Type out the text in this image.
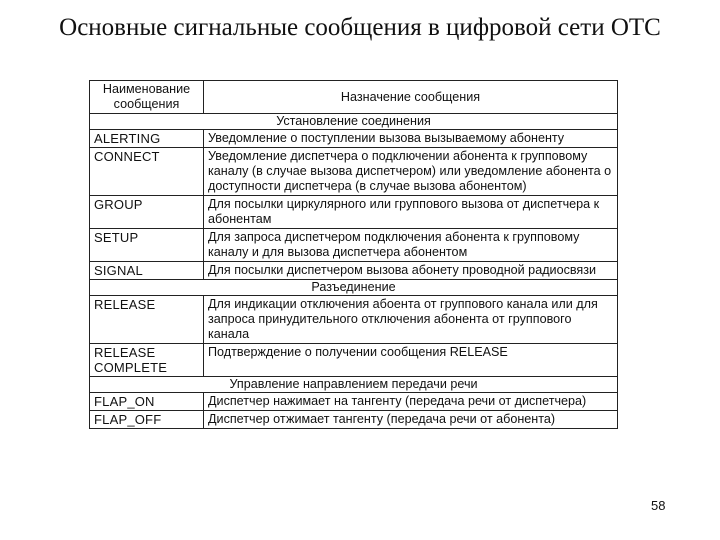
Основные сигнальные сообщения в цифровой сети ОТС
Наименование сообщения	Назначение сообщения
Установление соединения	
ALERTING	Уведомление о поступлении вызова вызываемому абоненту
CONNECT	Уведомление диспетчера о подключении абонента к групповому каналу (в случае вызова диспетчером) или уведомление абонента о доступности диспетчера (в случае вызова абонентом)
GROUP	Для посылки циркулярного или группового вызова от диспетчера к абонентам
SETUP	Для запроса диспетчером подключения абонента к групповому каналу и для вызова диспетчера абонентом
SIGNAL	Для посылки диспетчером вызова абонету проводной радиосвязи
Разъединение	
RELEASE	Для индикации отключения абоента от группового канала или для запроса принудительного отключения абонента от группового канала
RELEASE COMPLETE	Подтверждение о получении сообщения RELEASE
Управление направлением передачи речи	
FLAP_ON	Диспетчер нажимает на тангенту (передача речи от диспетчера)
FLAP_OFF	Диспетчер отжимает тангенту (передача речи от абонента)
58
